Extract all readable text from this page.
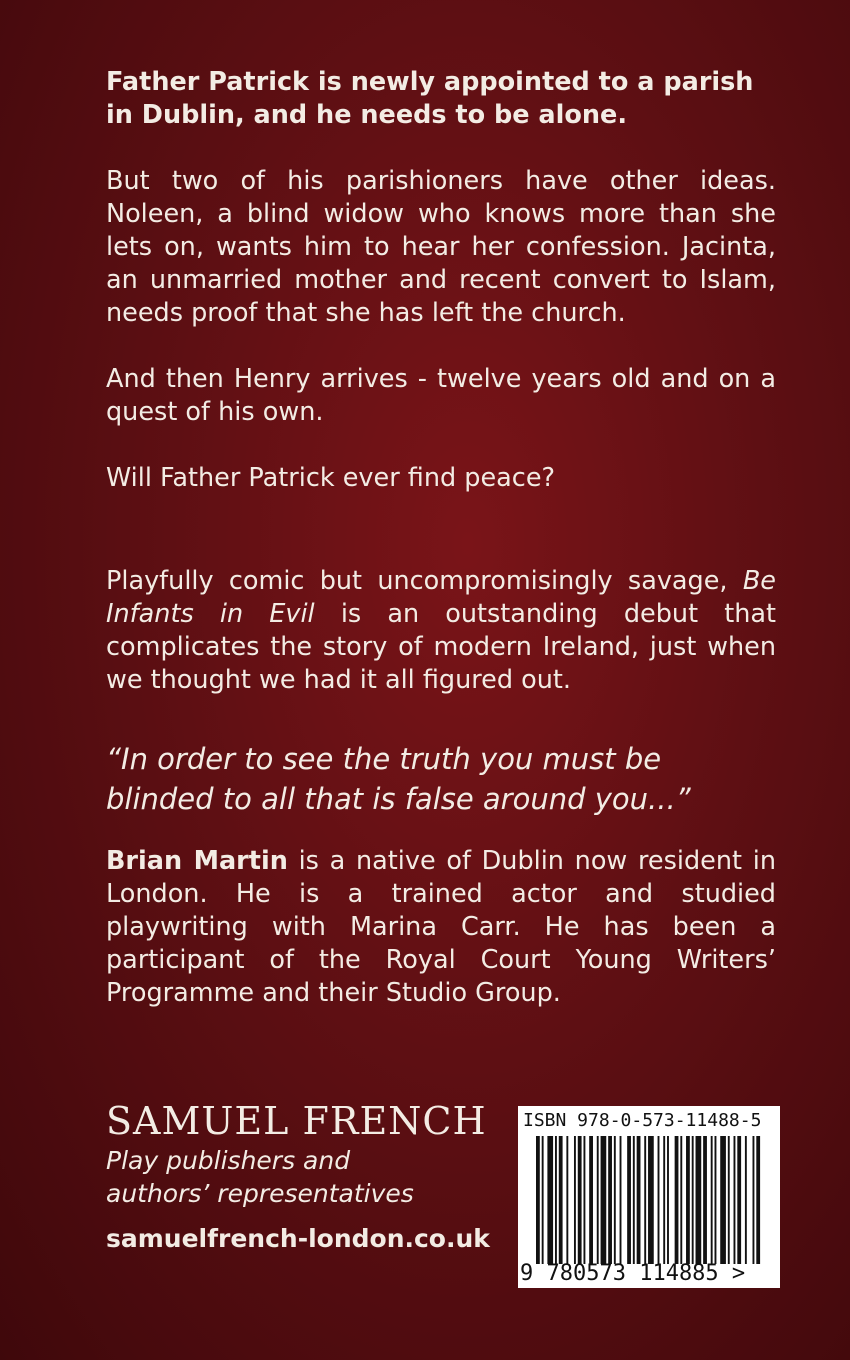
Father Patrick is newly appointed to a parish in Dublin, and he needs to be alone.

But two of his parishioners have other ideas. Noleen, a blind widow who knows more than she lets on, wants him to hear her confession. Jacinta, an unmarried mother and recent convert to Islam, needs proof that she has left the church.

And then Henry arrives - twelve years old and on a quest of his own.

Will Father Patrick ever find peace?

Playfully comic but uncompromisingly savage, Be Infants in Evil is an outstanding debut that complicates the story of modern Ireland, just when we thought we had it all figured out.

“In order to see the truth you must be blinded to all that is false around you...”

Brian Martin is a native of Dublin now resident in London. He is a trained actor and studied playwriting with Marina Carr. He has been a participant of the Royal Court Young Writers’ Programme and their Studio Group.

SAMUEL FRENCH
Play publishers and
authors’ representatives
samuelfrench-london.co.uk
ISBN 978-0-573-11488-5
9 780573 114885 >
